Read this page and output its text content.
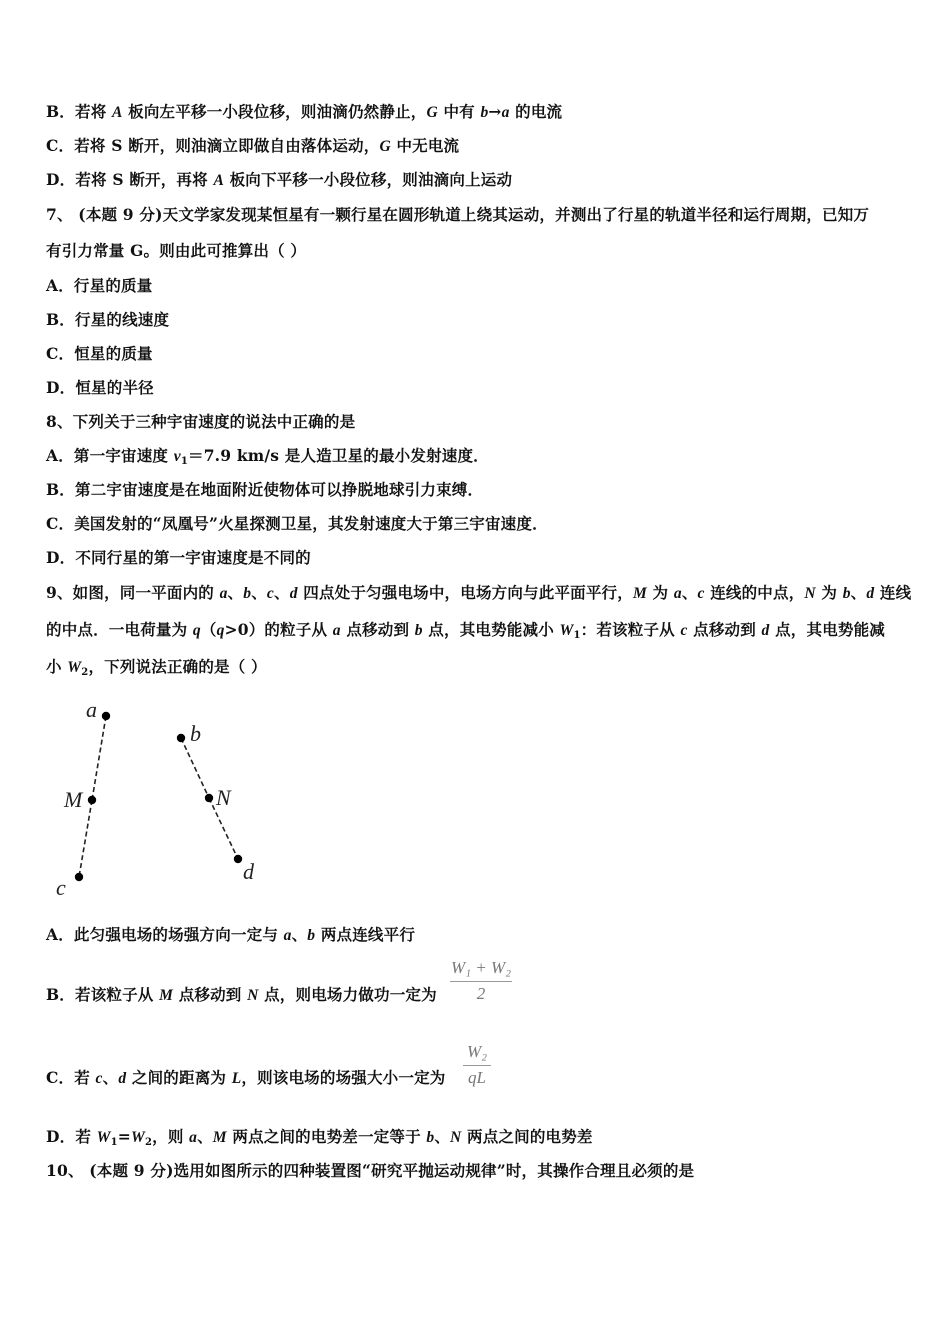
B．若将 A 板向左平移一小段位移，则油滴仍然静止，G 中有 b→a 的电流
C．若将 S 断开，则油滴立即做自由落体运动，G 中无电流
D．若将 S 断开，再将 A 板向下平移一小段位移，则油滴向上运动
7、 (本题 9 分)天文学家发现某恒星有一颗行星在圆形轨道上绕其运动，并测出了行星的轨道半径和运行周期，已知万
有引力常量 G。则由此可推算出（ ）
A．行星的质量
B．行星的线速度
C．恒星的质量
D．恒星的半径
8、下列关于三种宇宙速度的说法中正确的是
A．第一宇宙速度 $v_1=7.9$ km/s 是人造卫星的最小发射速度．
B．第二宇宙速度是在地面附近使物体可以挣脱地球引力束缚．
C．美国发射的“凤凰号”火星探测卫星，其发射速度大于第三宇宙速度．
D．不同行星的第一宇宙速度是不同的
9、如图，同一平面内的 a、b、c、d 四点处于匀强电场中，电场方向与此平面平行，M 为 a、c 连线的中点，N 为 b、d 连线
的中点．一电荷量为 q（q>0）的粒子从 a 点移动到 b 点，其电势能减小 $W_1$：若该粒子从 c 点移动到 d 点，其电势能减
小 $W_2$，下列说法正确的是（ ）
a
M
c
b
N
d
A．此匀强电场的场强方向一定与 a、b 两点连线平行
B．若该粒子从 M 点移动到 N 点，则电场力做功一定为
W₁ + W₂
2
C．若 c、d 之间的距离为 L，则该电场的场强大小一定为
W₂
qL
D．若 $W_1=W_2$，则 a、M 两点之间的电势差一定等于 b、N 两点之间的电势差
10、 (本题 9 分)选用如图所示的四种装置图“研究平抛运动规律”时，其操作合理且必须的是
